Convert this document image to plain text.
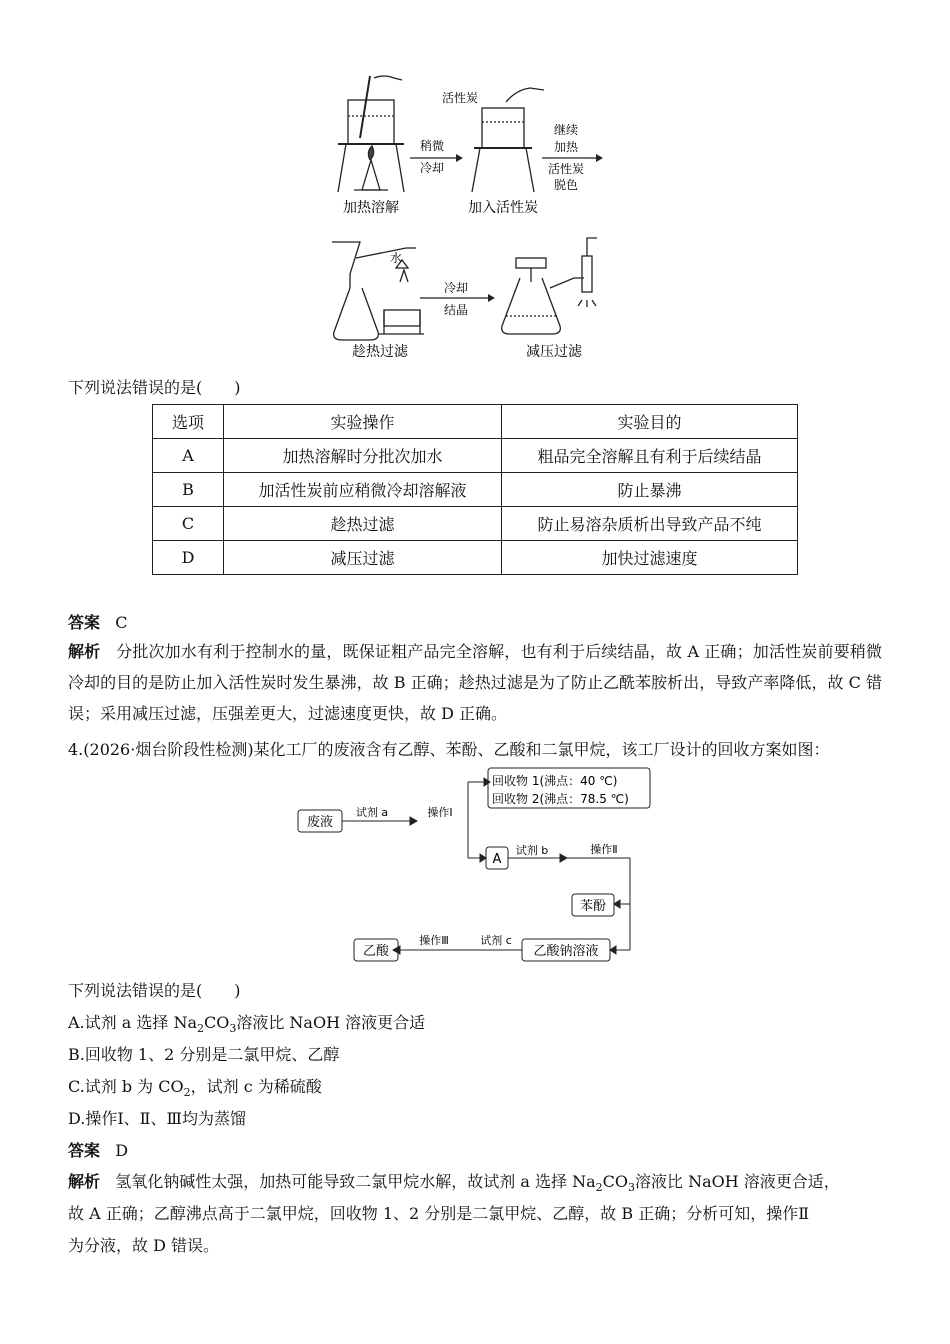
加热溶解
稍微
冷却
活性炭
加入活性炭
继续
加热
活性炭
脱色
水
趁热过滤
冷却
结晶
减压过滤
下列说法错误的是(　　)
选项	实验操作	实验目的
A	加热溶解时分批次加水	粗品完全溶解且有利于后续结晶
B	加活性炭前应稍微冷却溶解液	防止暴沸
C	趁热过滤	防止易溶杂质析出导致产品不纯
D	减压过滤	加快过滤速度
答案 C
解析 分批次加水有利于控制水的量，既保证粗产品完全溶解，也有利于后续结晶，故 A 正确；加活性炭前要稍微冷却的目的是防止加入活性炭时发生暴沸，故 B 正确；趁热过滤是为了防止乙酰苯胺析出，导致产率降低，故 C 错误；采用减压过滤，压强差更大，过滤速度更快，故 D 正确。
4.(2026·烟台阶段性检测)某化工厂的废液含有乙醇、苯酚、乙酸和二氯甲烷，该工厂设计的回收方案如图：
废液
试剂 a	操作Ⅰ
回收物 1(沸点：40 ℃)
回收物 2(沸点：78.5 ℃)
A
试剂 b	操作Ⅱ
苯酚
乙酸钠溶液
试剂 c
操作Ⅲ
乙酸
下列说法错误的是(　　)
A.试剂 a 选择 $Na_2CO_3$溶液比 NaOH 溶液更合适
B.回收物 1、2 分别是二氯甲烷、乙醇
C.试剂 b 为 $CO_2$，试剂 c 为稀硫酸
D.操作Ⅰ、Ⅱ、Ⅲ均为蒸馏
答案 D
解析 氢氧化钠碱性太强，加热可能导致二氯甲烷水解，故试剂 a 选择 $Na_2CO_3$溶液比 NaOH 溶液更合适，
故 A 正确；乙醇沸点高于二氯甲烷，回收物 1、2 分别是二氯甲烷、乙醇，故 B 正确；分析可知，操作Ⅱ
为分液，故 D 错误。
